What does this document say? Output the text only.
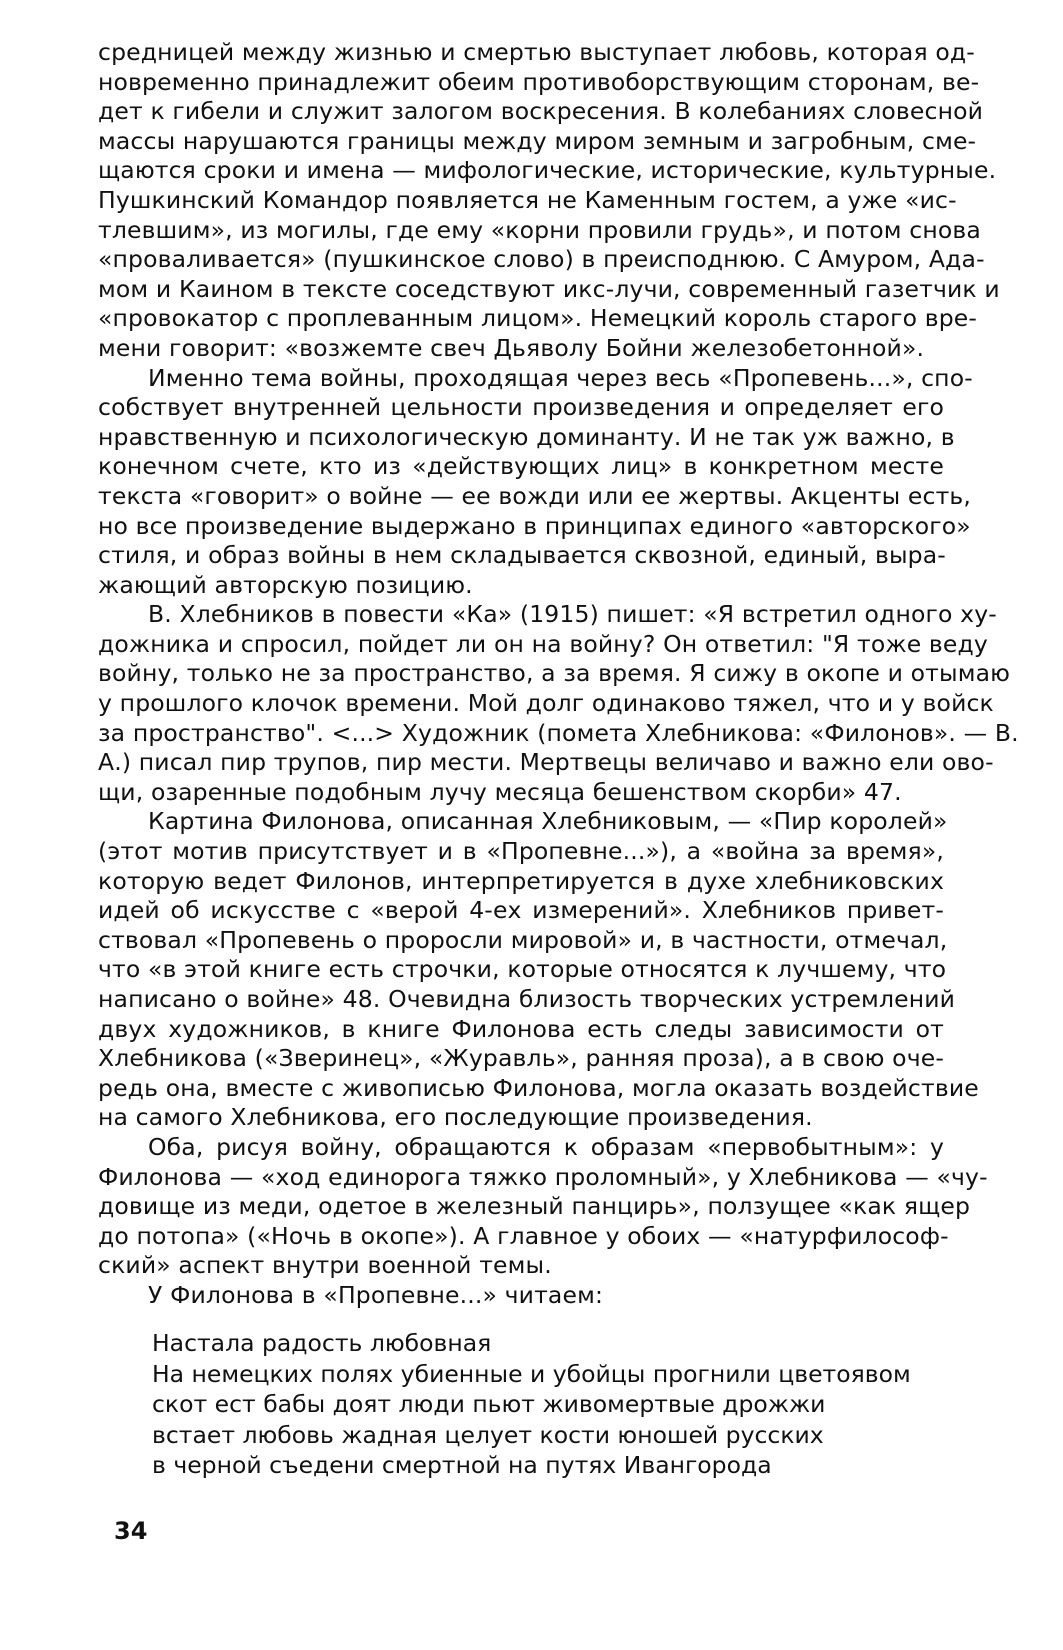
средницей между жизнью и смертью выступает любовь, которая од-
новременно принадлежит обеим противоборствующим сторонам, ве-
дет к гибели и служит залогом воскресения. В колебаниях словесной
массы нарушаются границы между миром земным и загробным, сме-
щаются сроки и имена — мифологические, исторические, культурные.
Пушкинский Командор появляется не Каменным гостем, а уже «ис-
тлевшим», из могилы, где ему «корни провили грудь», и потом снова
«проваливается» (пушкинское слово) в преисподнюю. С Амуром, Ада-
мом и Каином в тексте соседствуют икс-лучи, современный газетчик и
«провокатор с проплеванным лицом». Немецкий король старого вре-
мени говорит: «возжемте свеч Дьяволу Бойни железобетонной».

Именно тема войны, проходящая через весь «Пропевень...», спо-
собствует внутренней цельности произведения и определяет его
нравственную и психологическую доминанту. И не так уж важно, в
конечном счете, кто из «действующих лиц» в конкретном месте
текста «говорит» о войне — ее вожди или ее жертвы. Акценты есть,
но все произведение выдержано в принципах единого «авторского»
стиля, и образ войны в нем складывается сквозной, единый, выра-
жающий авторскую позицию.

В. Хлебников в повести «Ка» (1915) пишет: «Я встретил одного ху-
дожника и спросил, пойдет ли он на войну? Он ответил: "Я тоже веду
войну, только не за пространство, а за время. Я сижу в окопе и отымаю
у прошлого клочок времени. Мой долг одинаково тяжел, что и у войск
за пространство". <...> Художник (помета Хлебникова: «Филонов». — В.
А.) писал пир трупов, пир мести. Мертвецы величаво и важно ели ово-
щи, озаренные подобным лучу месяца бешенством скорби» 47.

Картина Филонова, описанная Хлебниковым, — «Пир королей»
(этот мотив присутствует и в «Пропевне...»), а «война за время»,
которую ведет Филонов, интерпретируется в духе хлебниковских
идей об искусстве с «верой 4-ех измерений». Хлебников привет-
ствовал «Пропевень о проросли мировой» и, в частности, отмечал,
что «в этой книге есть строчки, которые относятся к лучшему, что
написано о войне» 48. Очевидна близость творческих устремлений
двух художников, в книге Филонова есть следы зависимости от
Хлебникова («Зверинец», «Журавль», ранняя проза), а в свою оче-
редь она, вместе с живописью Филонова, могла оказать воздействие
на самого Хлебникова, его последующие произведения.

Оба, рисуя войну, обращаются к образам «первобытным»: у
Филонова — «ход единорога тяжко проломный», у Хлебникова — «чу-
довище из меди, одетое в железный панцирь», ползущее «как ящер
до потопа» («Ночь в окопе»). А главное у обоих — «натурфилософ-
ский» аспект внутри военной темы.

У Филонова в «Пропевне...» читаем:

Настала радость любовная
На немецких полях убиенные и убойцы прогнили цветоявом
скот ест бабы доят люди пьют живомертвые дрожжи
встает любовь жадная целует кости юношей русских
в черной съедени смертной на путях Ивангорода
34
